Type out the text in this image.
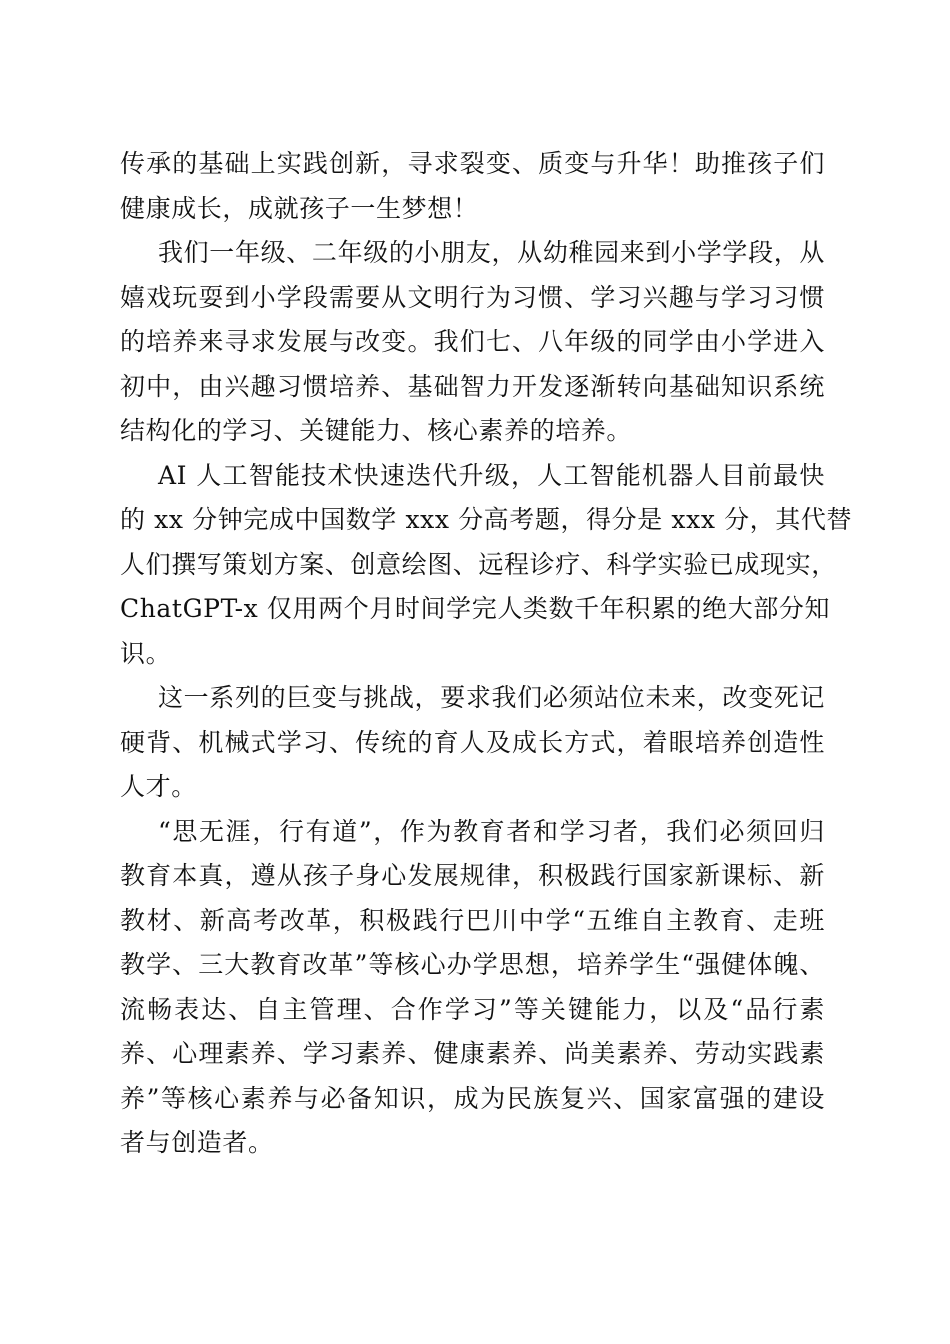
传承的基础上实践创新，寻求裂变、质变与升华！助推孩子们
健康成长，成就孩子一生梦想！

我们一年级、二年级的小朋友，从幼稚园来到小学学段，从
嬉戏玩耍到小学段需要从文明行为习惯、学习兴趣与学习习惯
的培养来寻求发展与改变。我们七、八年级的同学由小学进入
初中，由兴趣习惯培养、基础智力开发逐渐转向基础知识系统
结构化的学习、关键能力、核心素养的培养。

AI 人工智能技术快速迭代升级，人工智能机器人目前最快
的 xx 分钟完成中国数学 xxx 分高考题，得分是 xxx 分，其代替
人们撰写策划方案、创意绘图、远程诊疗、科学实验已成现实，
ChatGPT-x 仅用两个月时间学完人类数千年积累的绝大部分知
识。

这一系列的巨变与挑战，要求我们必须站位未来，改变死记
硬背、机械式学习、传统的育人及成长方式，着眼培养创造性
人才。

“思无涯，行有道”，作为教育者和学习者，我们必须回归
教育本真，遵从孩子身心发展规律，积极践行国家新课标、新
教材、新高考改革，积极践行巴川中学“五维自主教育、走班
教学、三大教育改革”等核心办学思想，培养学生“强健体魄、
流畅表达、自主管理、合作学习”等关键能力，以及“品行素
养、心理素养、学习素养、健康素养、尚美素养、劳动实践素
养”等核心素养与必备知识，成为民族复兴、国家富强的建设
者与创造者。
